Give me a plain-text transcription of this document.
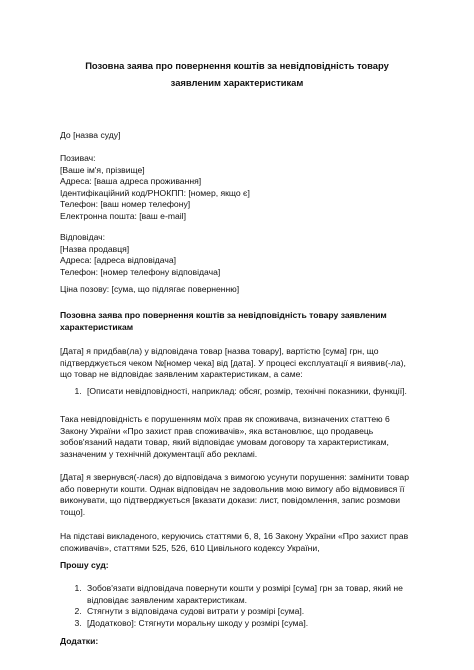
Позовна заява про повернення коштів за невідповідність товару
заявленим характеристикам

До [назва суду]

Позивач:

[Ваше ім'я, прізвище]

Адреса: [ваша адреса проживання]

Ідентифікаційний код/РНОКПП: [номер, якщо є]

Телефон: [ваш номер телефону]

Електронна пошта: [ваш e-mail]

Відповідач:

[Назва продавця]

Адреса: [адреса відповідача]

Телефон: [номер телефону відповідача]

Ціна позову: [сума, що підлягає поверненню]

Позовна заява про повернення коштів за невідповідність товару заявленим характеристикам

[Дата] я придбав(ла) у відповідача товар [назва товару], вартістю [сума] грн, що підтверджується чеком №[номер чека] від [дата]. У процесі експлуатації я виявив(-ла), що товар не відповідає заявленим характеристикам, а саме:

1. [Описати невідповідності, наприклад: обсяг, розмір, технічні показники, функції].

Така невідповідність є порушенням моїх прав як споживача, визначених статтею 6 Закону України «Про захист прав споживачів», яка встановлює, що продавець зобов'язаний надати товар, який відповідає умовам договору та характеристикам, зазначеним у технічній документації або рекламі.

[Дата] я звернувся(-лася) до відповідача з вимогою усунути порушення: замінити товар або повернути кошти. Однак відповідач не задовольнив мою вимогу або відмовився її виконувати, що підтверджується [вказати докази: лист, повідомлення, запис розмови тощо].

На підставі викладеного, керуючись статтями 6, 8, 16 Закону України «Про захист прав споживачів», статтями 525, 526, 610 Цивільного кодексу України,

Прошу суд:

1. Зобов'язати відповідача повернути кошти у розмірі [сума] грн за товар, який не відповідає заявленим характеристикам.
2. Стягнути з відповідача судові витрати у розмірі [сума].
3. [Додатково]: Стягнути моральну шкоду у розмірі [сума].

Додатки:
